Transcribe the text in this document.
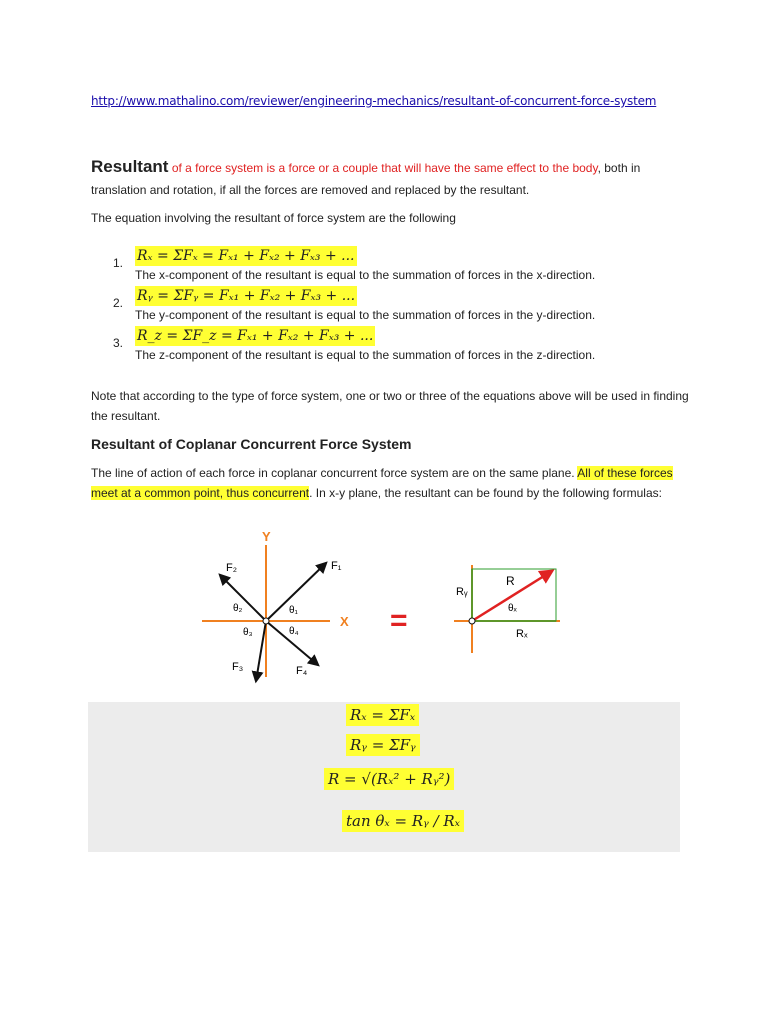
http://www.mathalino.com/reviewer/engineering-mechanics/resultant-of-concurrent-force-system
Resultant of a force system is a force or a couple that will have the same effect to the body, both in
translation and rotation, if all the forces are removed and replaced by the resultant.
The equation involving the resultant of force system are the following
1. Rₓ = ΣFₓ = Fₓ₁ + Fₓ₂ + Fₓ₃ + ...
The x-component of the resultant is equal to the summation of forces in the x-direction.
2. Rᵧ = ΣFᵧ = Fₓ₁ + Fₓ₂ + Fₓ₃ + ...
The y-component of the resultant is equal to the summation of forces in the y-direction.
3. R_z = ΣF_z = Fₓ₁ + Fₓ₂ + Fₓ₃ + ...
The z-component of the resultant is equal to the summation of forces in the z-direction.
Note that according to the type of force system, one or two or three of the equations above will be used in finding the resultant.
Resultant of Coplanar Concurrent Force System
The line of action of each force in coplanar concurrent force system are on the same plane. All of these forces meet at a common point, thus concurrent. In x-y plane, the resultant can be found by the following formulas:
Y
X
F₁
F₂
F₃	F₄
θ₁
θ₂
θ₃	θ₄	=
R
Rᵧ
Rₓ
θₓ
Rₓ = ΣFₓ
Rᵧ = ΣFᵧ
R = √(Rₓ² + Rᵧ²)
tan θₓ = Rᵧ / Rₓ
